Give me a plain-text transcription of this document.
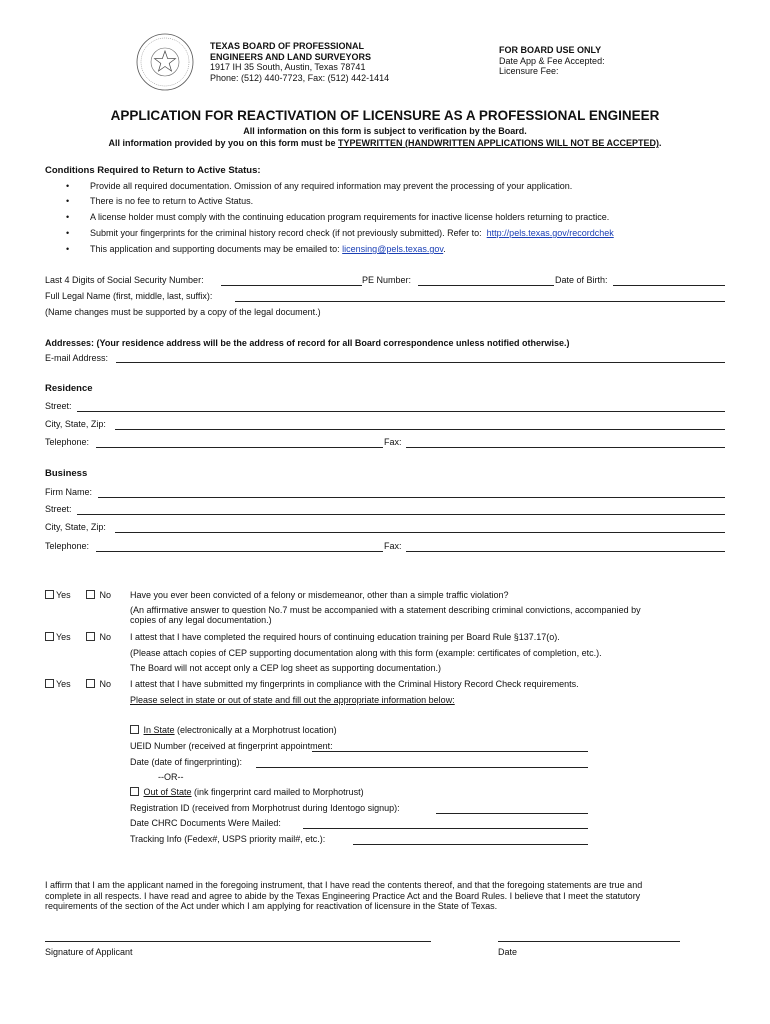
TEXAS BOARD OF PROFESSIONAL
ENGINEERS AND LAND SURVEYORS
1917 IH 35 South, Austin, Texas 78741
Phone: (512) 440-7723, Fax: (512) 442-1414
FOR BOARD USE ONLY
Date App & Fee Accepted:
Licensure Fee:
APPLICATION FOR REACTIVATION OF LICENSURE AS A PROFESSIONAL ENGINEER
All information on this form is subject to verification by the Board.
All information provided by you on this form must be TYPEWRITTEN (HANDWRITTEN APPLICATIONS WILL NOT BE ACCEPTED).
Conditions Required to Return to Active Status:
• Provide all required documentation. Omission of any required information may prevent the processing of your application.
• There is no fee to return to Active Status.
• A license holder must comply with the continuing education program requirements for inactive license holders returning to practice.
• Submit your fingerprints for the criminal history record check (if not previously submitted). Refer to: http://pels.texas.gov/recordchek
• This application and supporting documents may be emailed to: licensing@pels.texas.gov.
Last 4 Digits of Social Security Number:	PE Number:	Date of Birth:
Full Legal Name (first, middle, last, suffix):
(Name changes must be supported by a copy of the legal document.)
Addresses: (Your residence address will be the address of record for all Board correspondence unless notified otherwise.)
E-mail Address:
Residence
Street:
City, State, Zip:
Telephone:	Fax:
Business
Firm Name:
Street:
City, State, Zip:
Telephone:	Fax:
Yes	No Have you ever been convicted of a felony or misdemeanor, other than a simple traffic violation?
(An affirmative answer to question No.7 must be accompanied with a statement describing criminal convictions, accompanied by
copies of any legal documentation.)
Yes	No I attest that I have completed the required hours of continuing education training per Board Rule §137.17(o).
(Please attach copies of CEP supporting documentation along with this form (example: certificates of completion, etc.).
The Board will not accept only a CEP log sheet as supporting documentation.)
Yes	No I attest that I have submitted my fingerprints in compliance with the Criminal History Record Check requirements.
Please select in state or out of state and fill out the appropriate information below:
In State (electronically at a Morphotrust location)
UEID Number (received at fingerprint appointment:
Date (date of fingerprinting):
--OR--
Out of State (ink fingerprint card mailed to Morphotrust)
Registration ID (received from Morphotrust during Identogo signup):
Date CHRC Documents Were Mailed:
Tracking Info (Fedex#, USPS priority mail#, etc.):
I affirm that I am the applicant named in the foregoing instrument, that I have read the contents thereof, and that the foregoing statements are true and
complete in all respects. I have read and agree to abide by the Texas Engineering Practice Act and the Board Rules. I believe that I meet the statutory
requirements of the section of the Act under which I am applying for reactivation of licensure in the State of Texas.
Signature of Applicant	Date
